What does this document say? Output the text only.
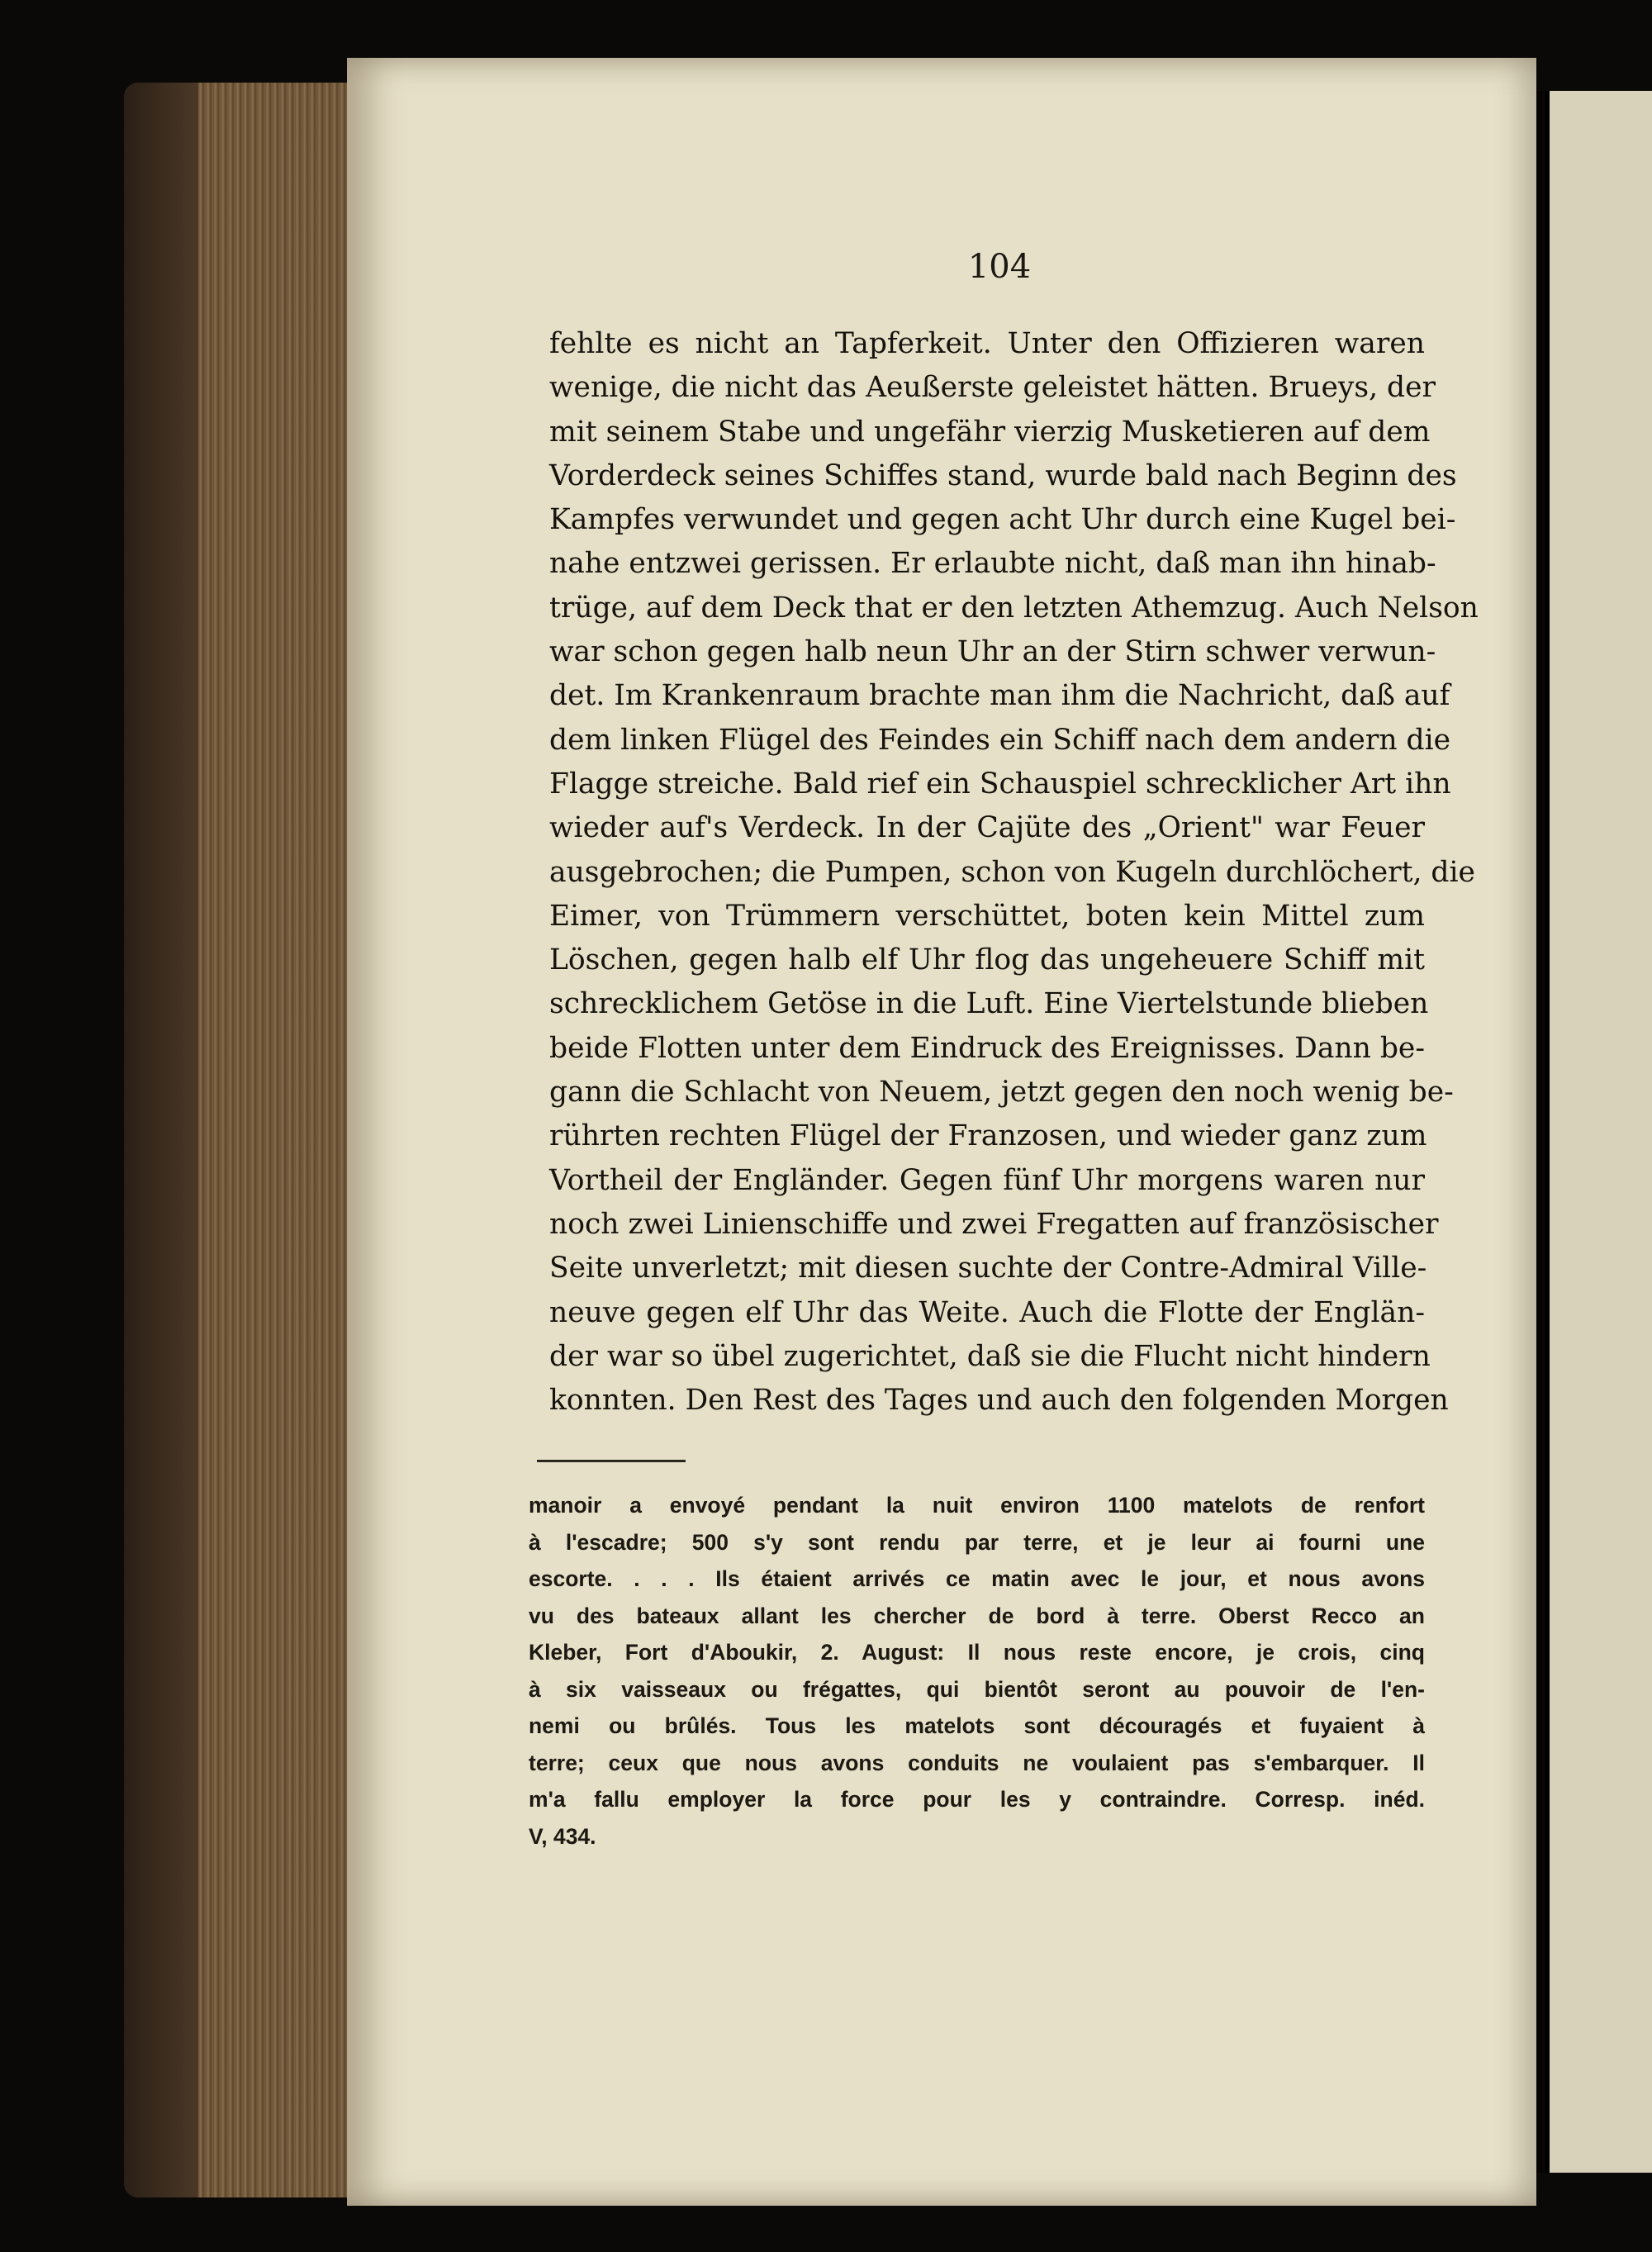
104
fehlte es nicht an Tapferkeit. Unter den Offizieren waren
wenige, die nicht das Aeußerste geleistet hätten. Brueys, der
mit seinem Stabe und ungefähr vierzig Musketieren auf dem
Vorderdeck seines Schiffes stand, wurde bald nach Beginn des
Kampfes verwundet und gegen acht Uhr durch eine Kugel bei-
nahe entzwei gerissen. Er erlaubte nicht, daß man ihn hinab-
trüge, auf dem Deck that er den letzten Athemzug. Auch Nelson
war schon gegen halb neun Uhr an der Stirn schwer verwun-
det. Im Krankenraum brachte man ihm die Nachricht, daß auf
dem linken Flügel des Feindes ein Schiff nach dem andern die
Flagge streiche. Bald rief ein Schauspiel schrecklicher Art ihn
wieder auf's Verdeck. In der Cajüte des „Orient" war Feuer
ausgebrochen; die Pumpen, schon von Kugeln durchlöchert, die
Eimer, von Trümmern verschüttet, boten kein Mittel zum
Löschen, gegen halb elf Uhr flog das ungeheuere Schiff mit
schrecklichem Getöse in die Luft. Eine Viertelstunde blieben
beide Flotten unter dem Eindruck des Ereignisses. Dann be-
gann die Schlacht von Neuem, jetzt gegen den noch wenig be-
rührten rechten Flügel der Franzosen, und wieder ganz zum
Vortheil der Engländer. Gegen fünf Uhr morgens waren nur
noch zwei Linienschiffe und zwei Fregatten auf französischer
Seite unverletzt; mit diesen suchte der Contre-Admiral Ville-
neuve gegen elf Uhr das Weite. Auch die Flotte der Englän-
der war so übel zugerichtet, daß sie die Flucht nicht hindern
konnten. Den Rest des Tages und auch den folgenden Morgen
manoir a envoyé pendant la nuit environ 1100 matelots de renfort
à l'escadre; 500 s'y sont rendu par terre, et je leur ai fourni une
escorte. . . . Ils étaient arrivés ce matin avec le jour, et nous avons
vu des bateaux allant les chercher de bord à terre. Oberst Recco an
Kleber, Fort d'Aboukir, 2. August: Il nous reste encore, je crois, cinq
à six vaisseaux ou frégattes, qui bientôt seront au pouvoir de l'en-
nemi ou brûlés. Tous les matelots sont découragés et fuyaient à
terre; ceux que nous avons conduits ne voulaient pas s'embarquer. Il
m'a fallu employer la force pour les y contraindre. Corresp. inéd.
V, 434.
